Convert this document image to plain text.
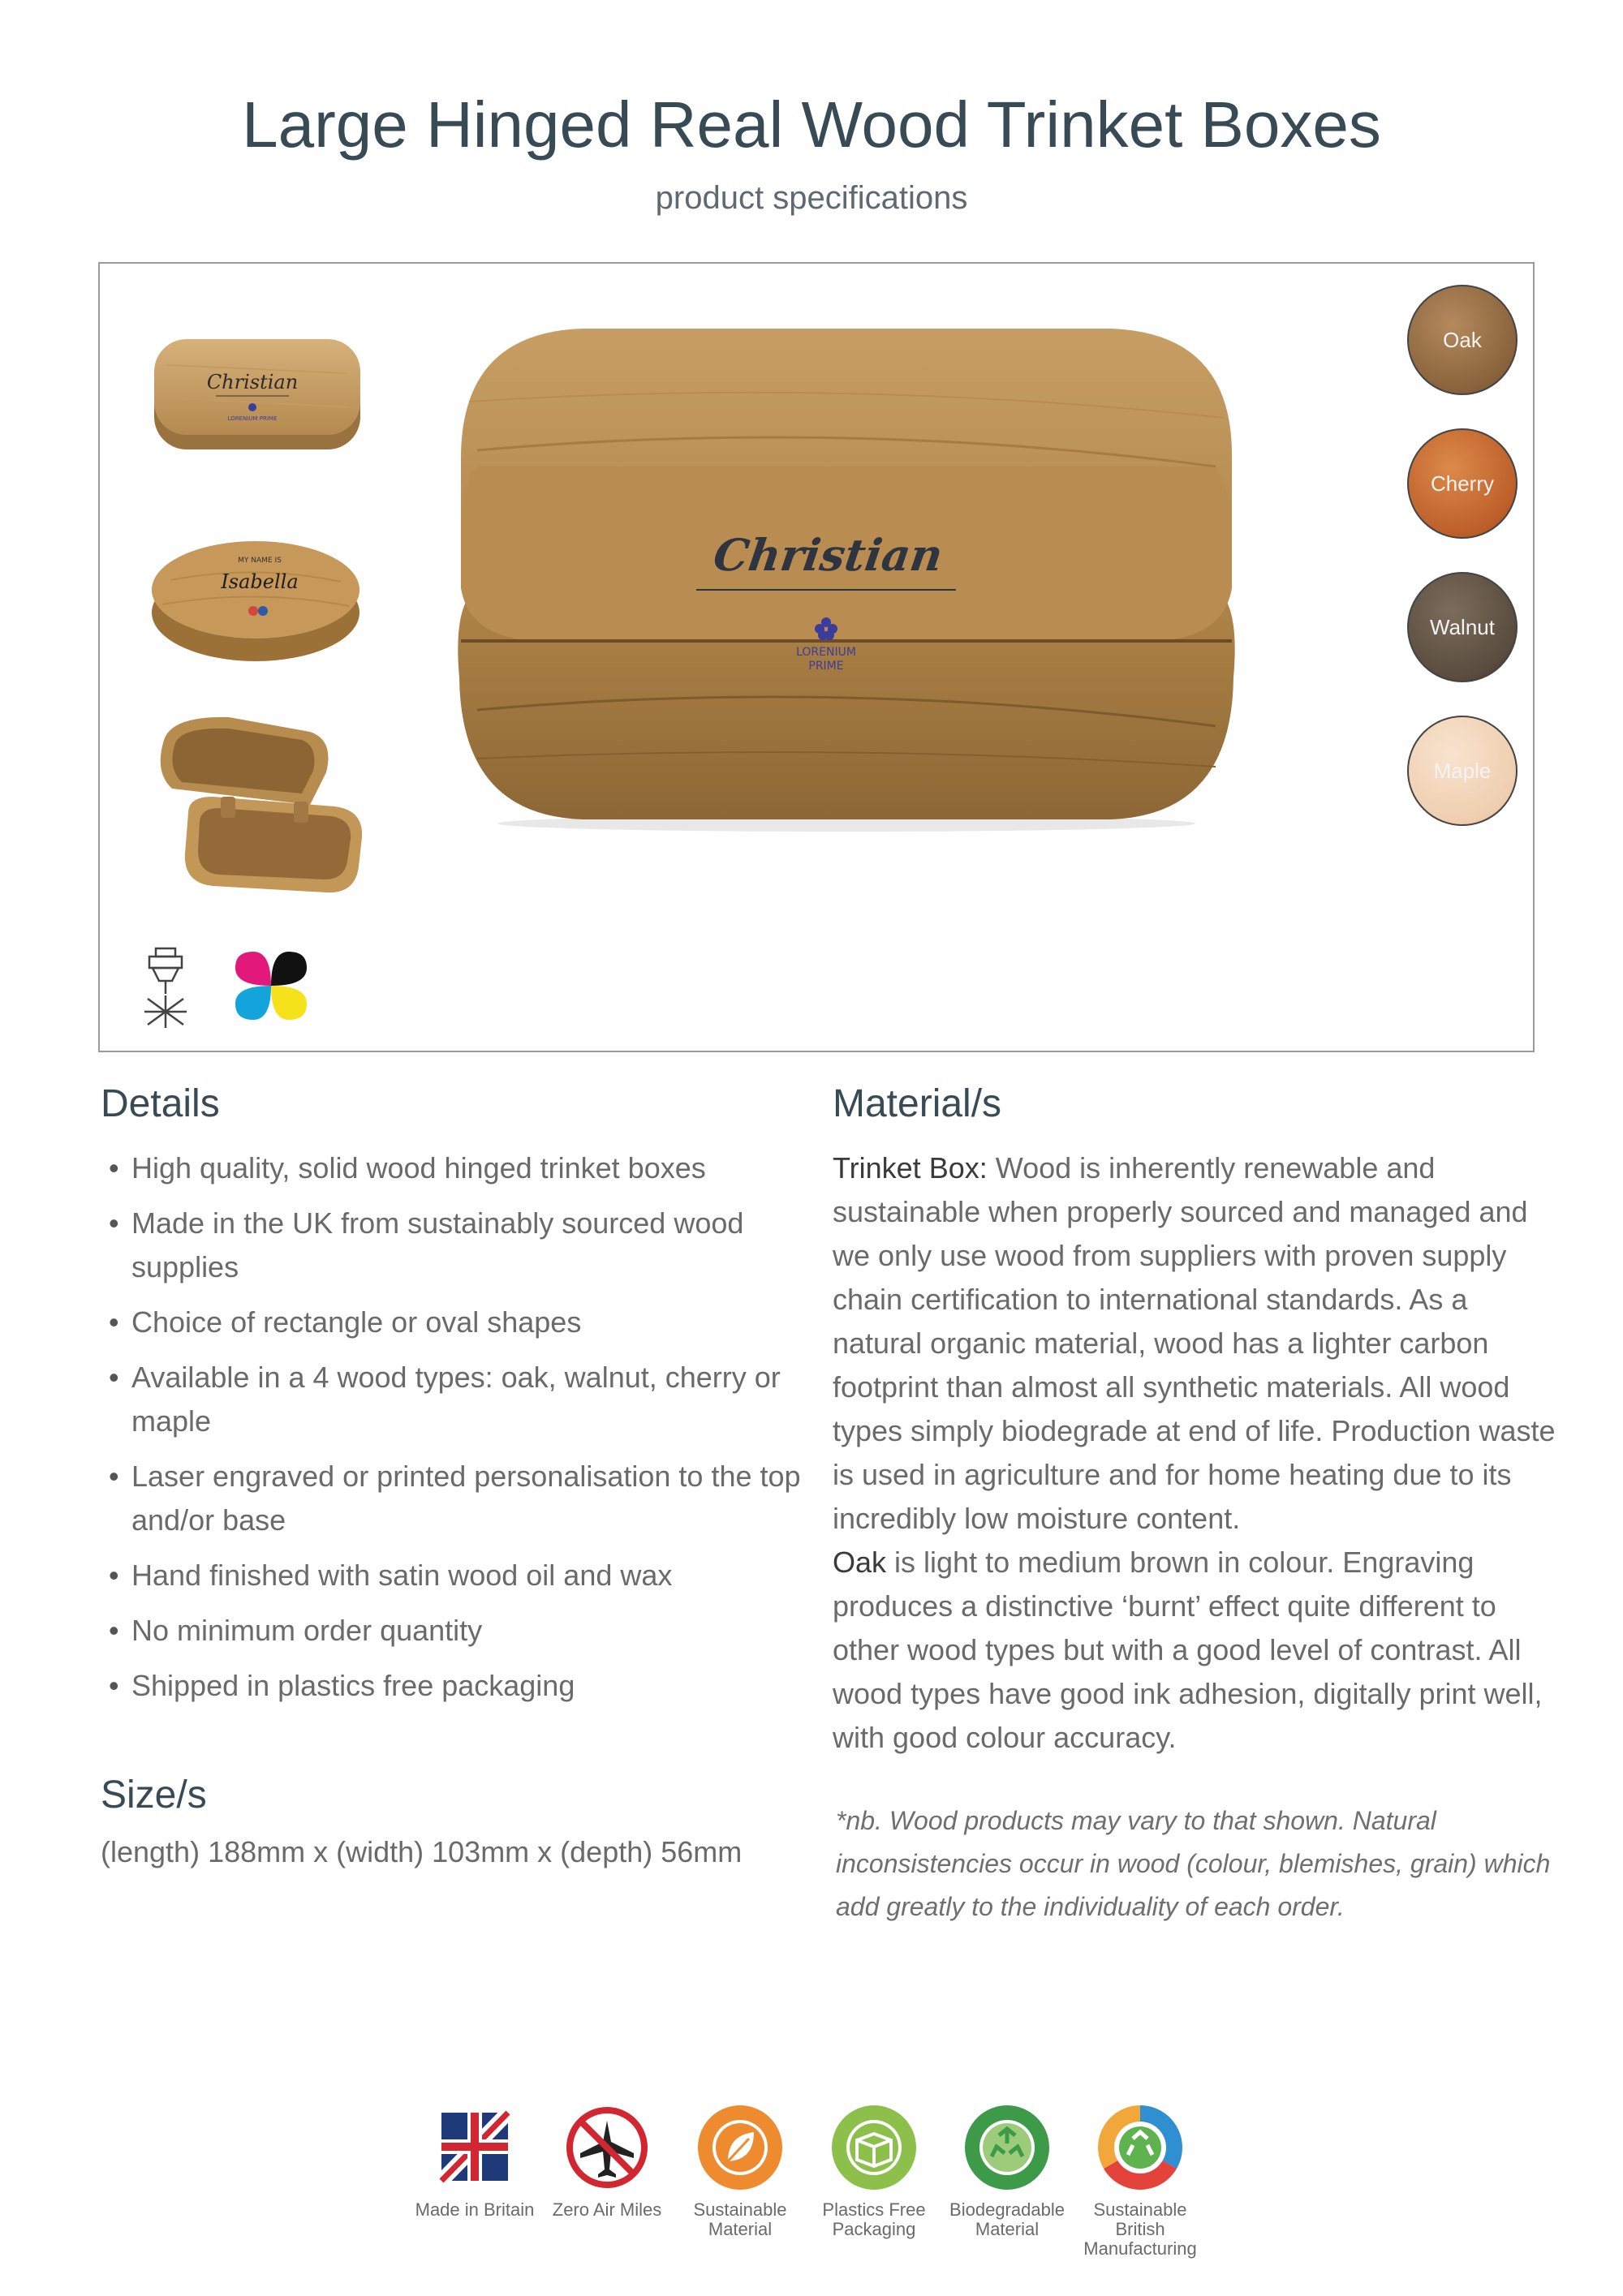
Large Hinged Real Wood Trinket Boxes
product specifications
Christian
LORENIUM PRIME
MY NAME IS
Isabella
Christian
LORENIUM
PRIME
Oak
Cherry
Walnut
Maple
Details
• High quality, solid wood hinged trinket boxes
• Made in the UK from sustainably sourced wood supplies
• Choice of rectangle or oval shapes
• Available in a 4 wood types: oak, walnut, cherry or maple
• Laser engraved or printed personalisation to the top and/or base
• Hand finished with satin wood oil and wax
• No minimum order quantity
• Shipped in plastics free packaging
Size/s
(length) 188mm x (width) 103mm x (depth) 56mm
Material/s

Trinket Box: Wood is inherently renewable and sustainable when properly sourced and managed and we only use wood from suppliers with proven supply chain certification to international standards. As a natural organic material, wood has a lighter carbon footprint than almost all synthetic materials. All wood types simply biodegrade at end of life. Production waste is used in agriculture and for home heating due to its incredibly low moisture content.

Oak is light to medium brown in colour. Engraving produces a distinctive ‘burnt’ effect quite different to other wood types but with a good level of contrast. All wood types have good ink adhesion, digitally print well, with good colour accuracy.

*nb. Wood products may vary to that shown. Natural inconsistencies occur in wood (colour, blemishes, grain) which add greatly to the individuality of each order.
Made in Britain	Zero Air Miles	Sustainable Material
Plastics Free Packaging
Biodegradable Material
Sustainable British Manufacturing
